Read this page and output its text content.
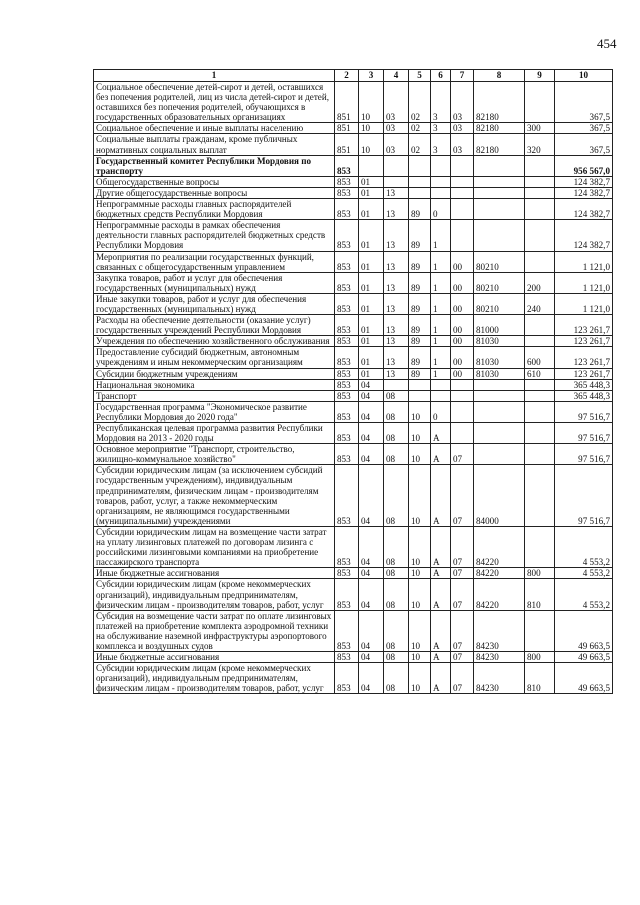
454
1	2	3	4	5	6	7	8	9	10
Социальное обеспечение детей-сирот и детей, оставшихся без попечения родителей, лиц из числа детей-сирот и детей, оставшихся без попечения родителей, обучающихся в государственных образовательных организациях	851	10	03	02	3	03	82180		367,5
Социальное обеспечение и иные выплаты населению	851	10	03	02	3	03	82180	300	367,5
Социальные выплаты гражданам, кроме публичных нормативных социальных выплат	851	10	03	02	3	03	82180	320	367,5
Государственный комитет Республики Мордовия по транспорту	853								956 567,0
Общегосударственные вопросы	853	01							124 382,7
Другие общегосударственные вопросы	853	01	13						124 382,7
Непрограммные расходы главных распорядителей бюджетных средств Республики Мордовия	853	01	13	89	0				124 382,7
Непрограммные расходы в рамках обеспечения деятельности главных распорядителей бюджетных средств Республики Мордовия	853	01	13	89	1				124 382,7
Мероприятия по реализации государственных функций, связанных с общегосударственным управлением	853	01	13	89	1	00	80210		1 121,0
Закупка товаров, работ и услуг для обеспечения государственных (муниципальных) нужд	853	01	13	89	1	00	80210	200	1 121,0
Иные закупки товаров, работ и услуг для обеспечения государственных (муниципальных) нужд	853	01	13	89	1	00	80210	240	1 121,0
Расходы на обеспечение деятельности (оказание услуг) государственных учреждений Республики Мордовия	853	01	13	89	1	00	81000		123 261,7
Учреждения по обеспечению хозяйственного обслуживания	853	01	13	89	1	00	81030		123 261,7
Предоставление субсидий бюджетным, автономным учреждениям и иным некоммерческим организациям	853	01	13	89	1	00	81030	600	123 261,7
Субсидии бюджетным учреждениям	853	01	13	89	1	00	81030	610	123 261,7
Национальная экономика	853	04							365 448,3
Транспорт	853	04	08						365 448,3
Государственная программа "Экономическое развитие Республики Мордовия до 2020 года"	853	04	08	10	0				97 516,7
Республиканская целевая программа развития Республики Мордовия на 2013 - 2020 годы	853	04	08	10	А				97 516,7
Основное мероприятие "Транспорт, строительство, жилищно-коммунальное хозяйство"	853	04	08	10	А	07			97 516,7
Субсидии юридическим лицам (за исключением субсидий государственным учреждениям), индивидуальным предпринимателям, физическим лицам - производителям товаров, работ, услуг, а также некоммерческим организациям, не являющимся государственными (муниципальными) учреждениями	853	04	08	10	А	07	84000		97 516,7
Субсидии юридическим лицам на возмещение части затрат на уплату лизинговых платежей по договорам лизинга с российскими лизинговыми компаниями на приобретение пассажирского транспорта	853	04	08	10	А	07	84220		4 553,2
Иные бюджетные ассигнования	853	04	08	10	А	07	84220	800	4 553,2
Субсидии юридическим лицам (кроме некоммерческих организаций), индивидуальным предпринимателям, физическим лицам - производителям товаров, работ, услуг	853	04	08	10	А	07	84220	810	4 553,2
Субсидия на возмещение части затрат по оплате лизинговых платежей на приобретение комплекта аэродромной техники на обслуживание наземной инфраструктуры аэропортового комплекса и воздушных судов	853	04	08	10	А	07	84230		49 663,5
Иные бюджетные ассигнования	853	04	08	10	А	07	84230	800	49 663,5
Субсидии юридическим лицам (кроме некоммерческих организаций), индивидуальным предпринимателям, физическим лицам - производителям товаров, работ, услуг	853	04	08	10	А	07	84230	810	49 663,5
